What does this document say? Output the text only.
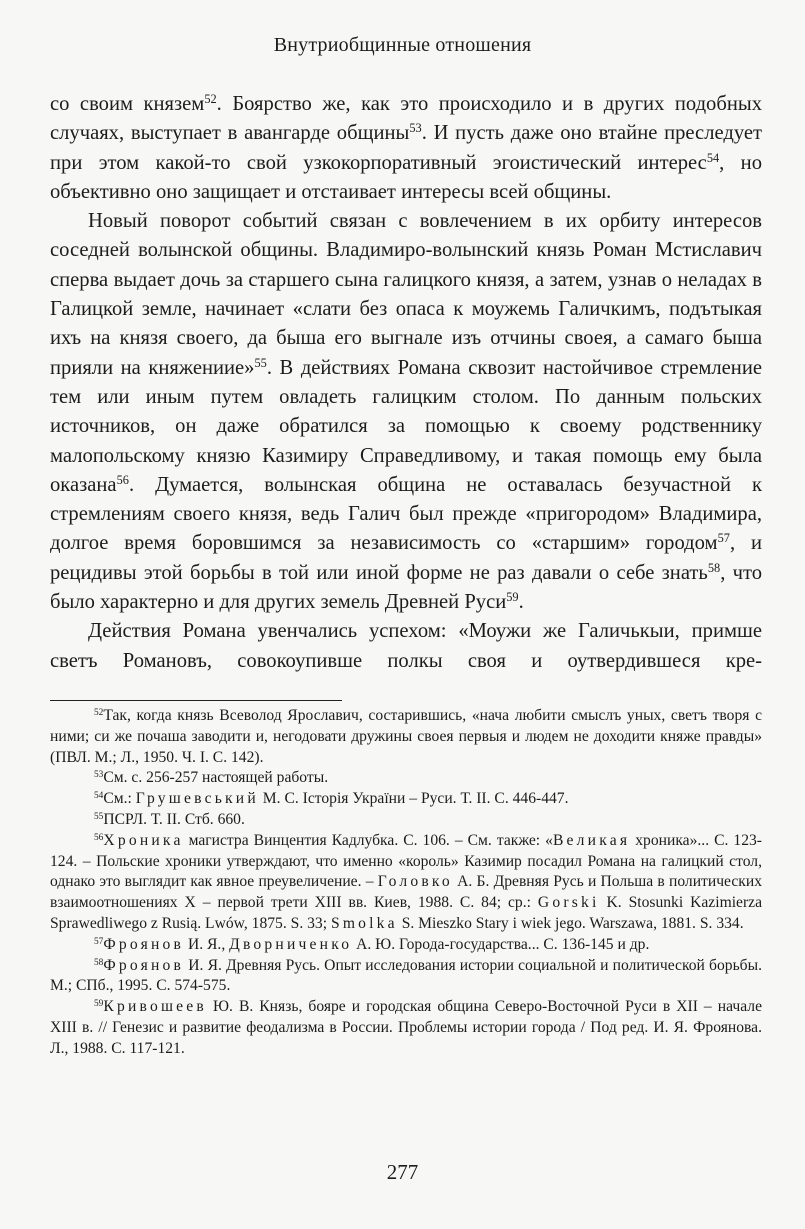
Внутриобщинные отношения

со своим князем$^{52}$. Боярство же, как это происходило и в других подобных случаях, выступает в авангарде общины$^{53}$. И пусть даже оно втайне преследует при этом какой-то свой узкокорпоративный эгоистический интерес$^{54}$, но объективно оно защищает и отстаивает интересы всей общины.

Новый поворот событий связан с вовлечением в их орбиту интересов соседней волынской общины. Владимиро-волынский князь Роман Мстиславич сперва выдает дочь за старшего сына галицкого князя, а затем, узнав о неладах в Галицкой земле, начинает «слати без опаса к моужемь Галичкимъ, подътыкая ихъ на князя своего, да быша его выгнале изъ отчины своея, а самаго быша прияли на княжениие»$^{55}$. В действиях Романа сквозит настойчивое стремление тем или иным путем овладеть галицким столом. По данным польских источников, он даже обратился за помощью к своему родственнику малопольскому князю Казимиру Справедливому, и такая помощь ему была оказана$^{56}$. Думается, волынская община не оставалась безучастной к стремлениям своего князя, ведь Галич был прежде «пригородом» Владимира, долгое время боровшимся за независимость со «старшим» городом$^{57}$, и рецидивы этой борьбы в той или иной форме не раз давали о себе знать$^{58}$, что было характерно и для других земель Древней Руси$^{59}$.

Действия Романа увенчались успехом: «Моужи же Галичькыи, примше светъ Романовъ, совокоупивше полкы своя и оутвердившеся кре-

$^{52}$Так, когда князь Всеволод Ярославич, состарившись, «нача любити смыслъ уных, светъ творя с ними; си же почаша заводити и, негодовати дружины своея первыя и людем не доходити княже правды» (ПВЛ. М.; Л., 1950. Ч. I. С. 142).

$^{53}$См. с. 256-257 настоящей работы.

$^{54}$См.: Грушевський М. С. Історія України – Руси. Т. ІІ. С. 446-447.

$^{55}$ПСРЛ. Т. ІІ. Стб. 660.

$^{56}$Хроника магистра Винцентия Кадлубка. С. 106. – См. также: «Великая хроника»... С. 123-124. – Польские хроники утверждают, что именно «король» Казимир посадил Романа на галицкий стол, однако это выглядит как явное преувеличение. – Головко А. Б. Древняя Русь и Польша в политических взаимоотношениях X – первой трети XIII вв. Киев, 1988. С. 84; ср.: Gorski K. Stosunki Kazimierza Sprawedliwego z Rusią. Lwów, 1875. S. 33; Smolka S. Mieszko Stary i wiek jego. Warszawa, 1881. S. 334.

$^{57}$Фроянов И. Я., Дворниченко А. Ю. Города-государства... С. 136-145 и др.

$^{58}$Фроянов И. Я. Древняя Русь. Опыт исследования истории социальной и политической борьбы. М.; СПб., 1995. С. 574-575.

$^{59}$Кривошеев Ю. В. Князь, бояре и городская община Северо-Восточной Руси в XII – начале XIII в. // Генезис и развитие феодализма в России. Проблемы истории города / Под ред. И. Я. Фроянова. Л., 1988. С. 117-121.

277
